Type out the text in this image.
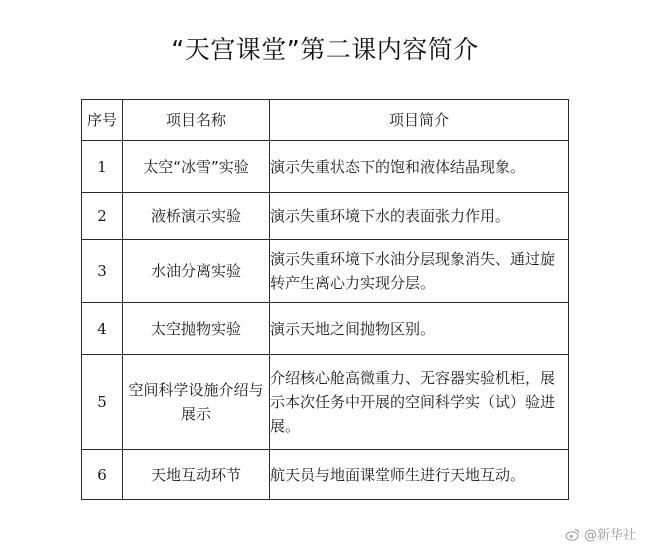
“天宫课堂”第二课内容简介
序号	项目名称	项目简介
1	太空“冰雪”实验	演示失重状态下的饱和液体结晶现象。
2	液桥演示实验	演示失重环境下水的表面张力作用。
3	水油分离实验	演示失重环境下水油分层现象消失、通过旋转产生离心力实现分层。
4	太空抛物实验	演示天地之间抛物区别。
5	空间科学设施介绍与展示	介绍核心舱高微重力、无容器实验机柜，展示本次任务中开展的空间科学实（试）验进展。
6	天地互动环节	航天员与地面课堂师生进行天地互动。
@新华社
